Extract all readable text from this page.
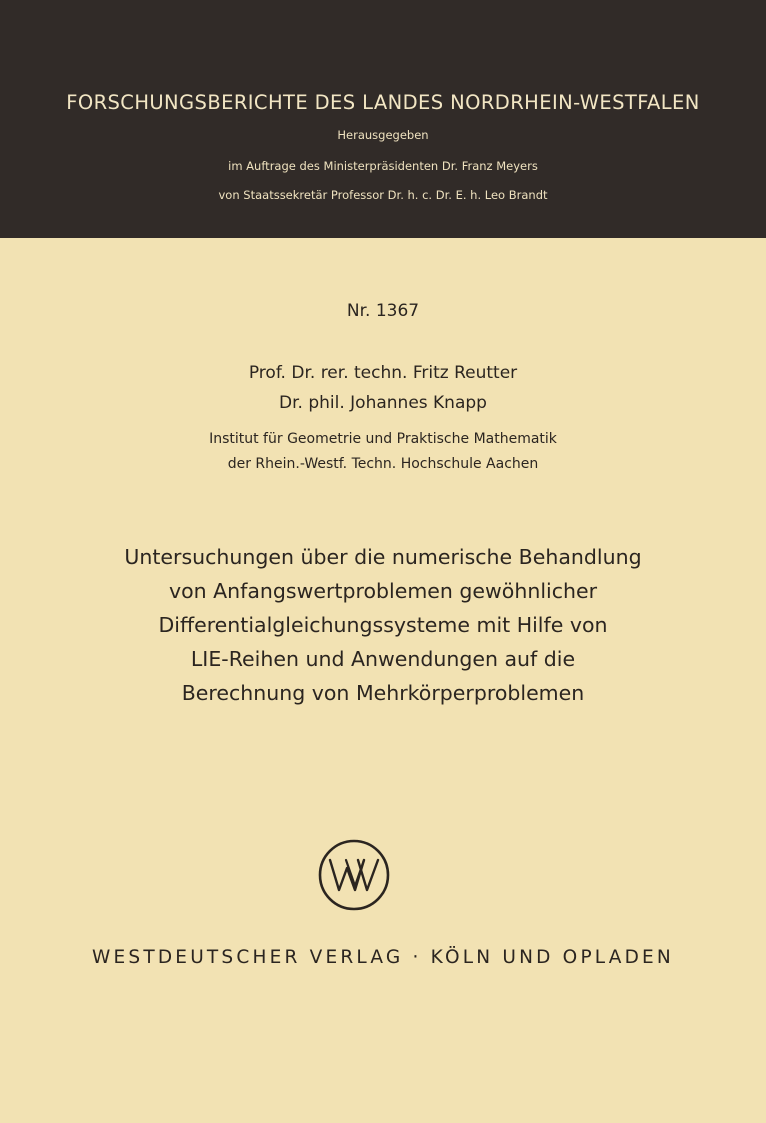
FORSCHUNGSBERICHTE DES LANDES NORDRHEIN-WESTFALEN
Herausgegeben
im Auftrage des Ministerpräsidenten Dr. Franz Meyers
von Staatssekretär Professor Dr. h. c. Dr. E. h. Leo Brandt
Nr. 1367
Prof. Dr. rer. techn. Fritz Reutter
Dr. phil. Johannes Knapp
Institut für Geometrie und Praktische Mathematik
der Rhein.-Westf. Techn. Hochschule Aachen
Untersuchungen über die numerische Behandlung
von Anfangswertproblemen gewöhnlicher
Differentialgleichungssysteme mit Hilfe von
LIE-Reihen und Anwendungen auf die
Berechnung von Mehrkörperproblemen
WESTDEUTSCHER VERLAG · KÖLN UND OPLADEN
